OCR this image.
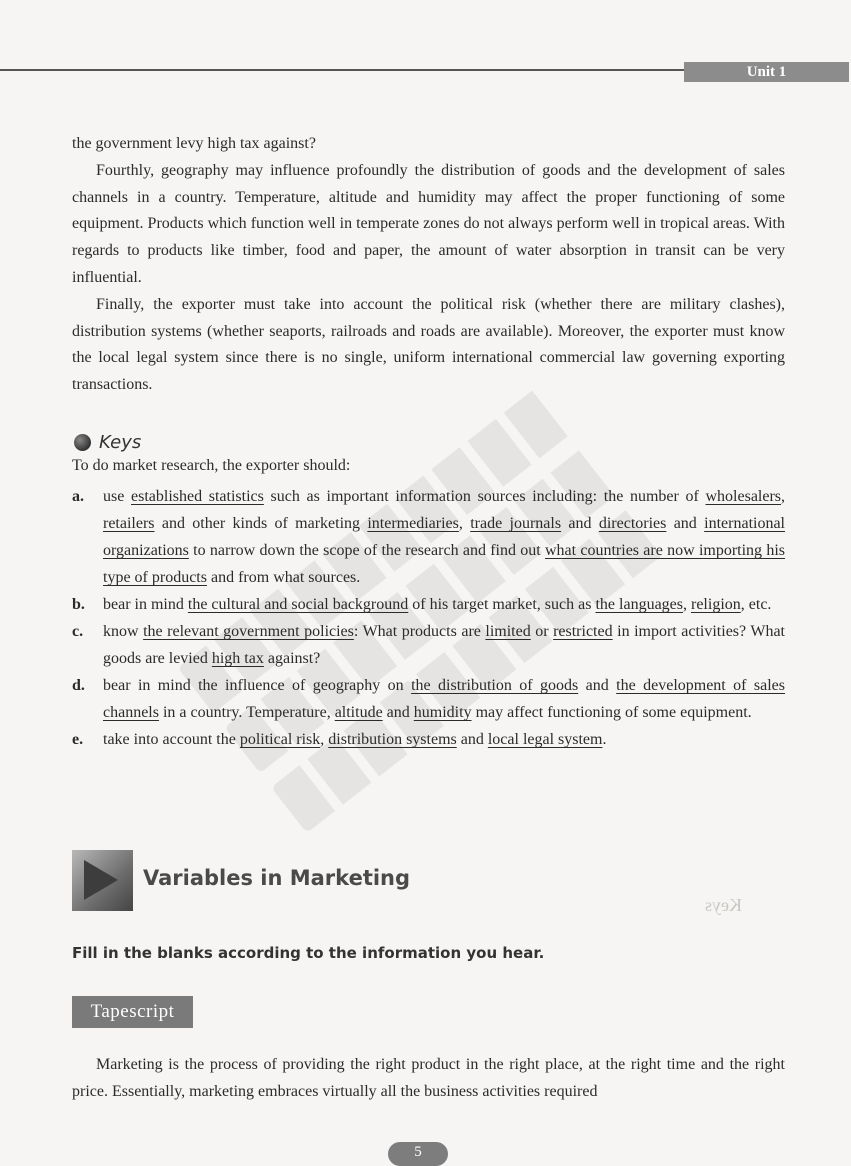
Unit 1
Keys

the government levy high tax against?

Fourthly, geography may influence profoundly the distribution of goods and the development of sales channels in a country. Temperature, altitude and humidity may affect the proper functioning of some equipment. Products which function well in temperate zones do not always perform well in tropical areas. With regards to products like timber, food and paper, the amount of water absorption in transit can be very influential.

Finally, the exporter must take into account the political risk (whether there are military clashes), distribution systems (whether seaports, railroads and roads are available). Moreover, the exporter must know the local legal system since there is no single, uniform international commercial law governing exporting transactions.

Keys
To do market research, the exporter should:
a. use established statistics such as important information sources including: the number of wholesalers, retailers and other kinds of marketing intermediaries, trade journals and directories and international organizations to narrow down the scope of the research and find out what countries are now importing his type of products and from what sources.
b. bear in mind the cultural and social background of his target market, such as the languages, religion, etc.
c. know the relevant government policies: What products are limited or restricted in import activities? What goods are levied high tax against?
d. bear in mind the influence of geography on the distribution of goods and the development of sales channels in a country. Temperature, altitude and humidity may affect functioning of some equipment.
e. take into account the political risk, distribution systems and local legal system.
Variables in Marketing
Fill in the blanks according to the information you hear.
Tapescript

Marketing is the process of providing the right product in the right place, at the right time and the right price. Essentially, marketing embraces virtually all the business activities required

5
